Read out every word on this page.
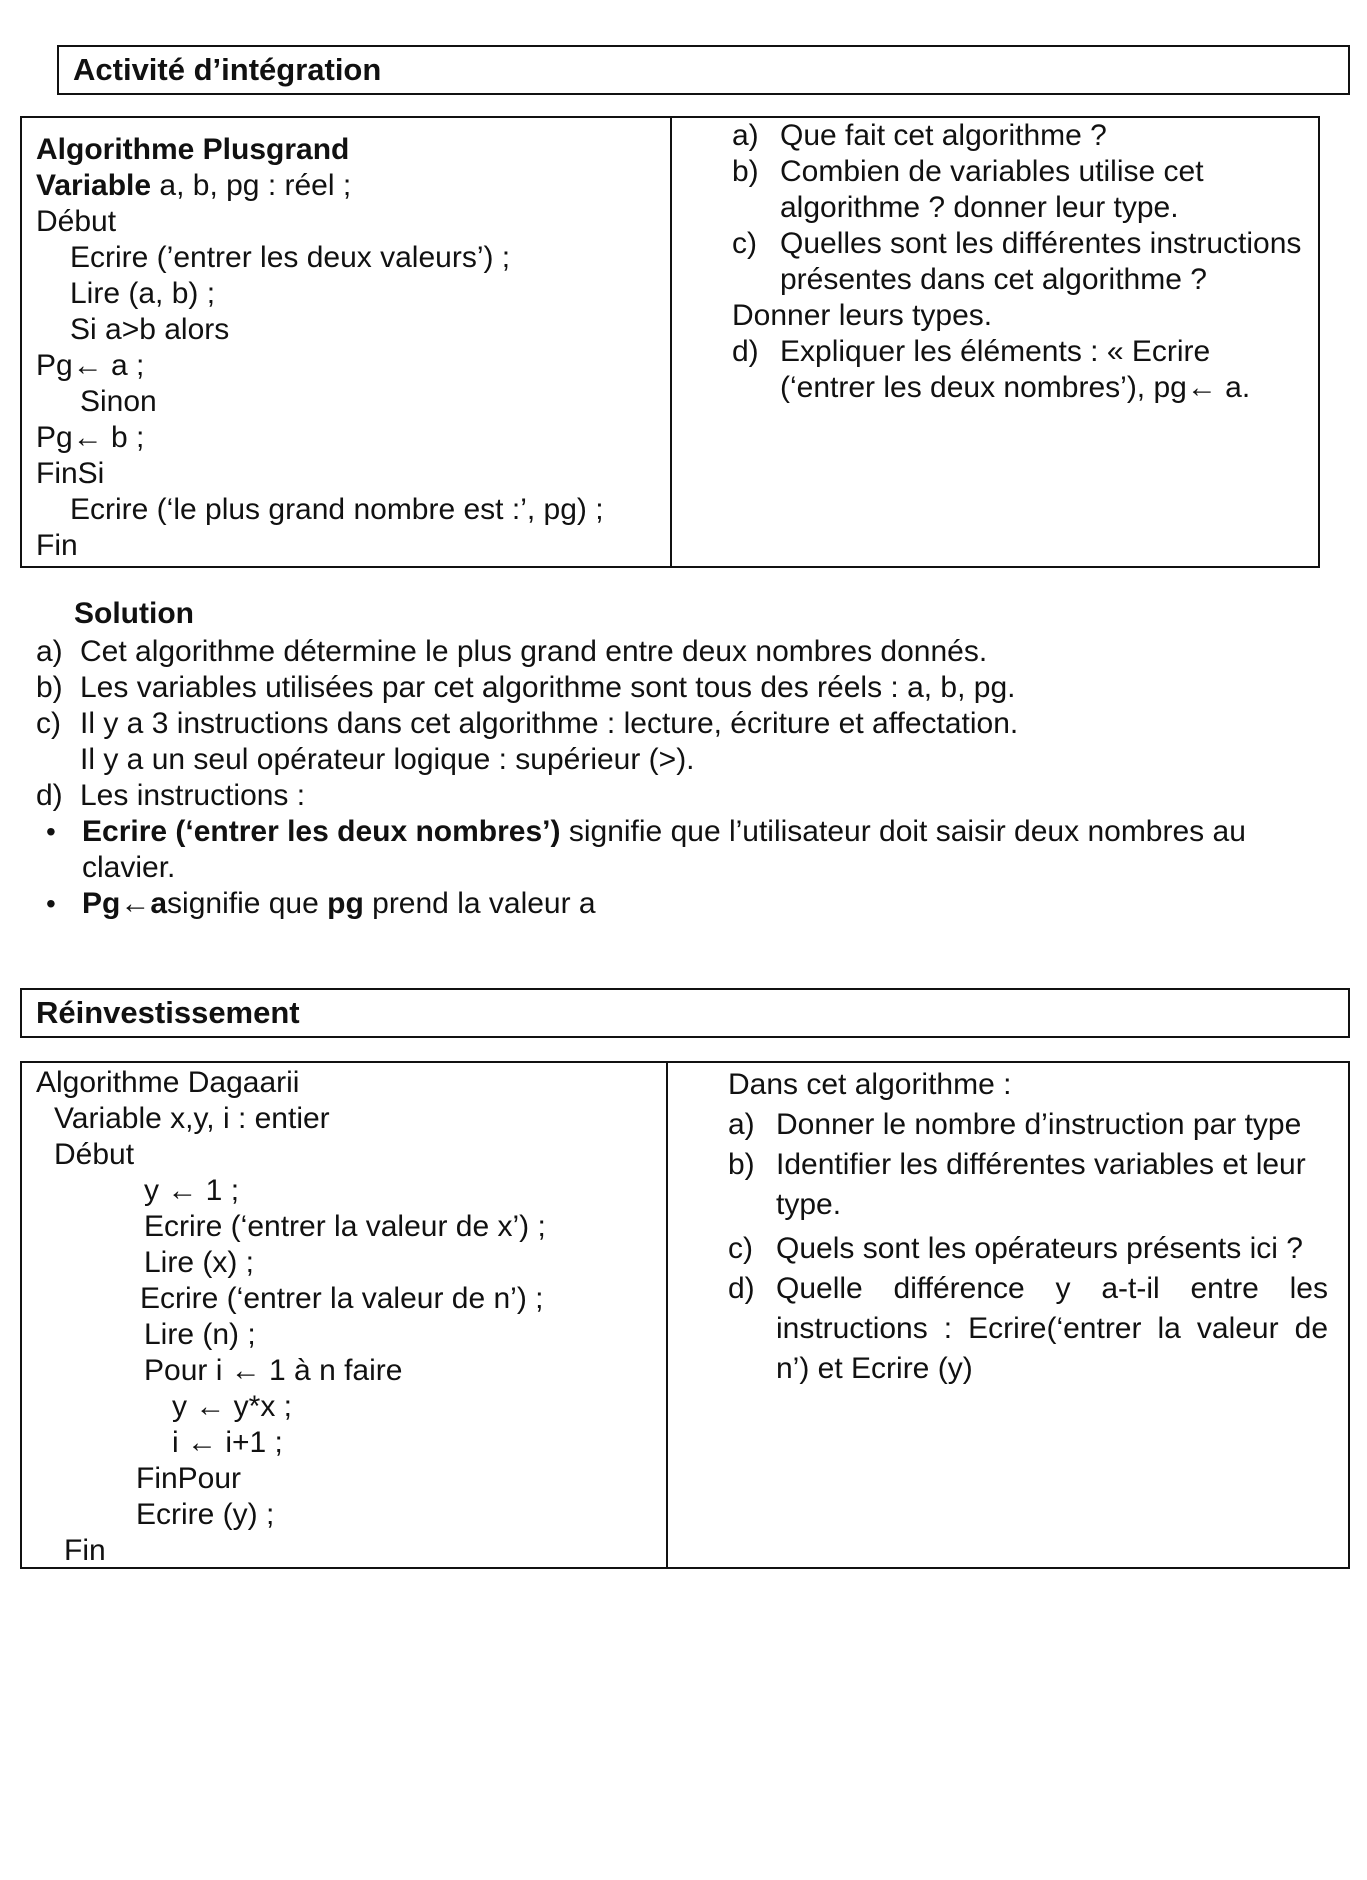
Activité d’intégration
Algorithme Plusgrand
Variable a, b, pg : réel ;
Début
Ecrire (’entrer les deux valeurs’) ;
Lire (a, b) ;
Si a>b alors
Pg← a ;
Sinon
Pg← b ;
FinSi
Ecrire (‘le plus grand nombre est :’, pg) ;
Fin
a) Que fait cet algorithme ?
b) Combien de variables utilise cet algorithme ? donner leur type.
c) Quelles sont les différentes instructions présentes dans cet algorithme ?
Donner leurs types.
d) Expliquer les éléments : « Ecrire (‘entrer les deux nombres’), pg← a.
Solution
a) Cet algorithme détermine le plus grand entre deux nombres donnés.
b) Les variables utilisées par cet algorithme sont tous des réels : a, b, pg.
c) Il y a 3 instructions dans cet algorithme : lecture, écriture et affectation.
Il y a un seul opérateur logique : supérieur (>).
d) Les instructions :
• Ecrire (‘entrer les deux nombres’) signifie que l’utilisateur doit saisir deux nombres au clavier.
• Pg←asignifie que pg prend la valeur a
Réinvestissement
Algorithme Dagaarii
Variable x,y, i : entier
Début
y ← 1 ;
Ecrire (‘entrer la valeur de x’) ;
Lire (x) ;
Ecrire (‘entrer la valeur de n’) ;
Lire (n) ;
Pour i ← 1 à n faire
y ← y*x ;
i ← i+1 ;
FinPour
Ecrire (y) ;
Fin
Dans cet algorithme :
a) Donner le nombre d’instruction par type
b) Identifier les différentes variables et leur type.
c) Quels sont les opérateurs présents ici ?
d) Quelle différence y a-t-il entre les instructions : Ecrire(‘entrer la valeur de n’) et Ecrire (y)
